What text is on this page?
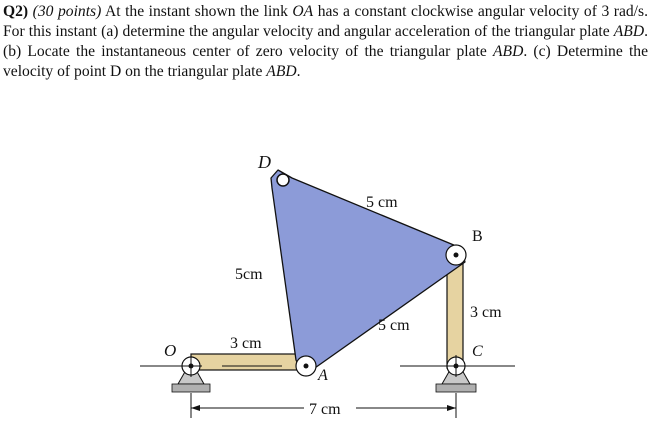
Q2) (30 points) At the instant shown the link OA has a constant clockwise angular velocity of 3 rad/s. For this instant (a) determine the angular velocity and angular acceleration of the triangular plate ABD. (b) Locate the instantaneous center of zero velocity of the triangular plate ABD. (c) Determine the velocity of point D on the triangular plate ABD.

D
B
A
C
O
5 cm
5cm
5 cm
3 cm
3 cm
7 cm
